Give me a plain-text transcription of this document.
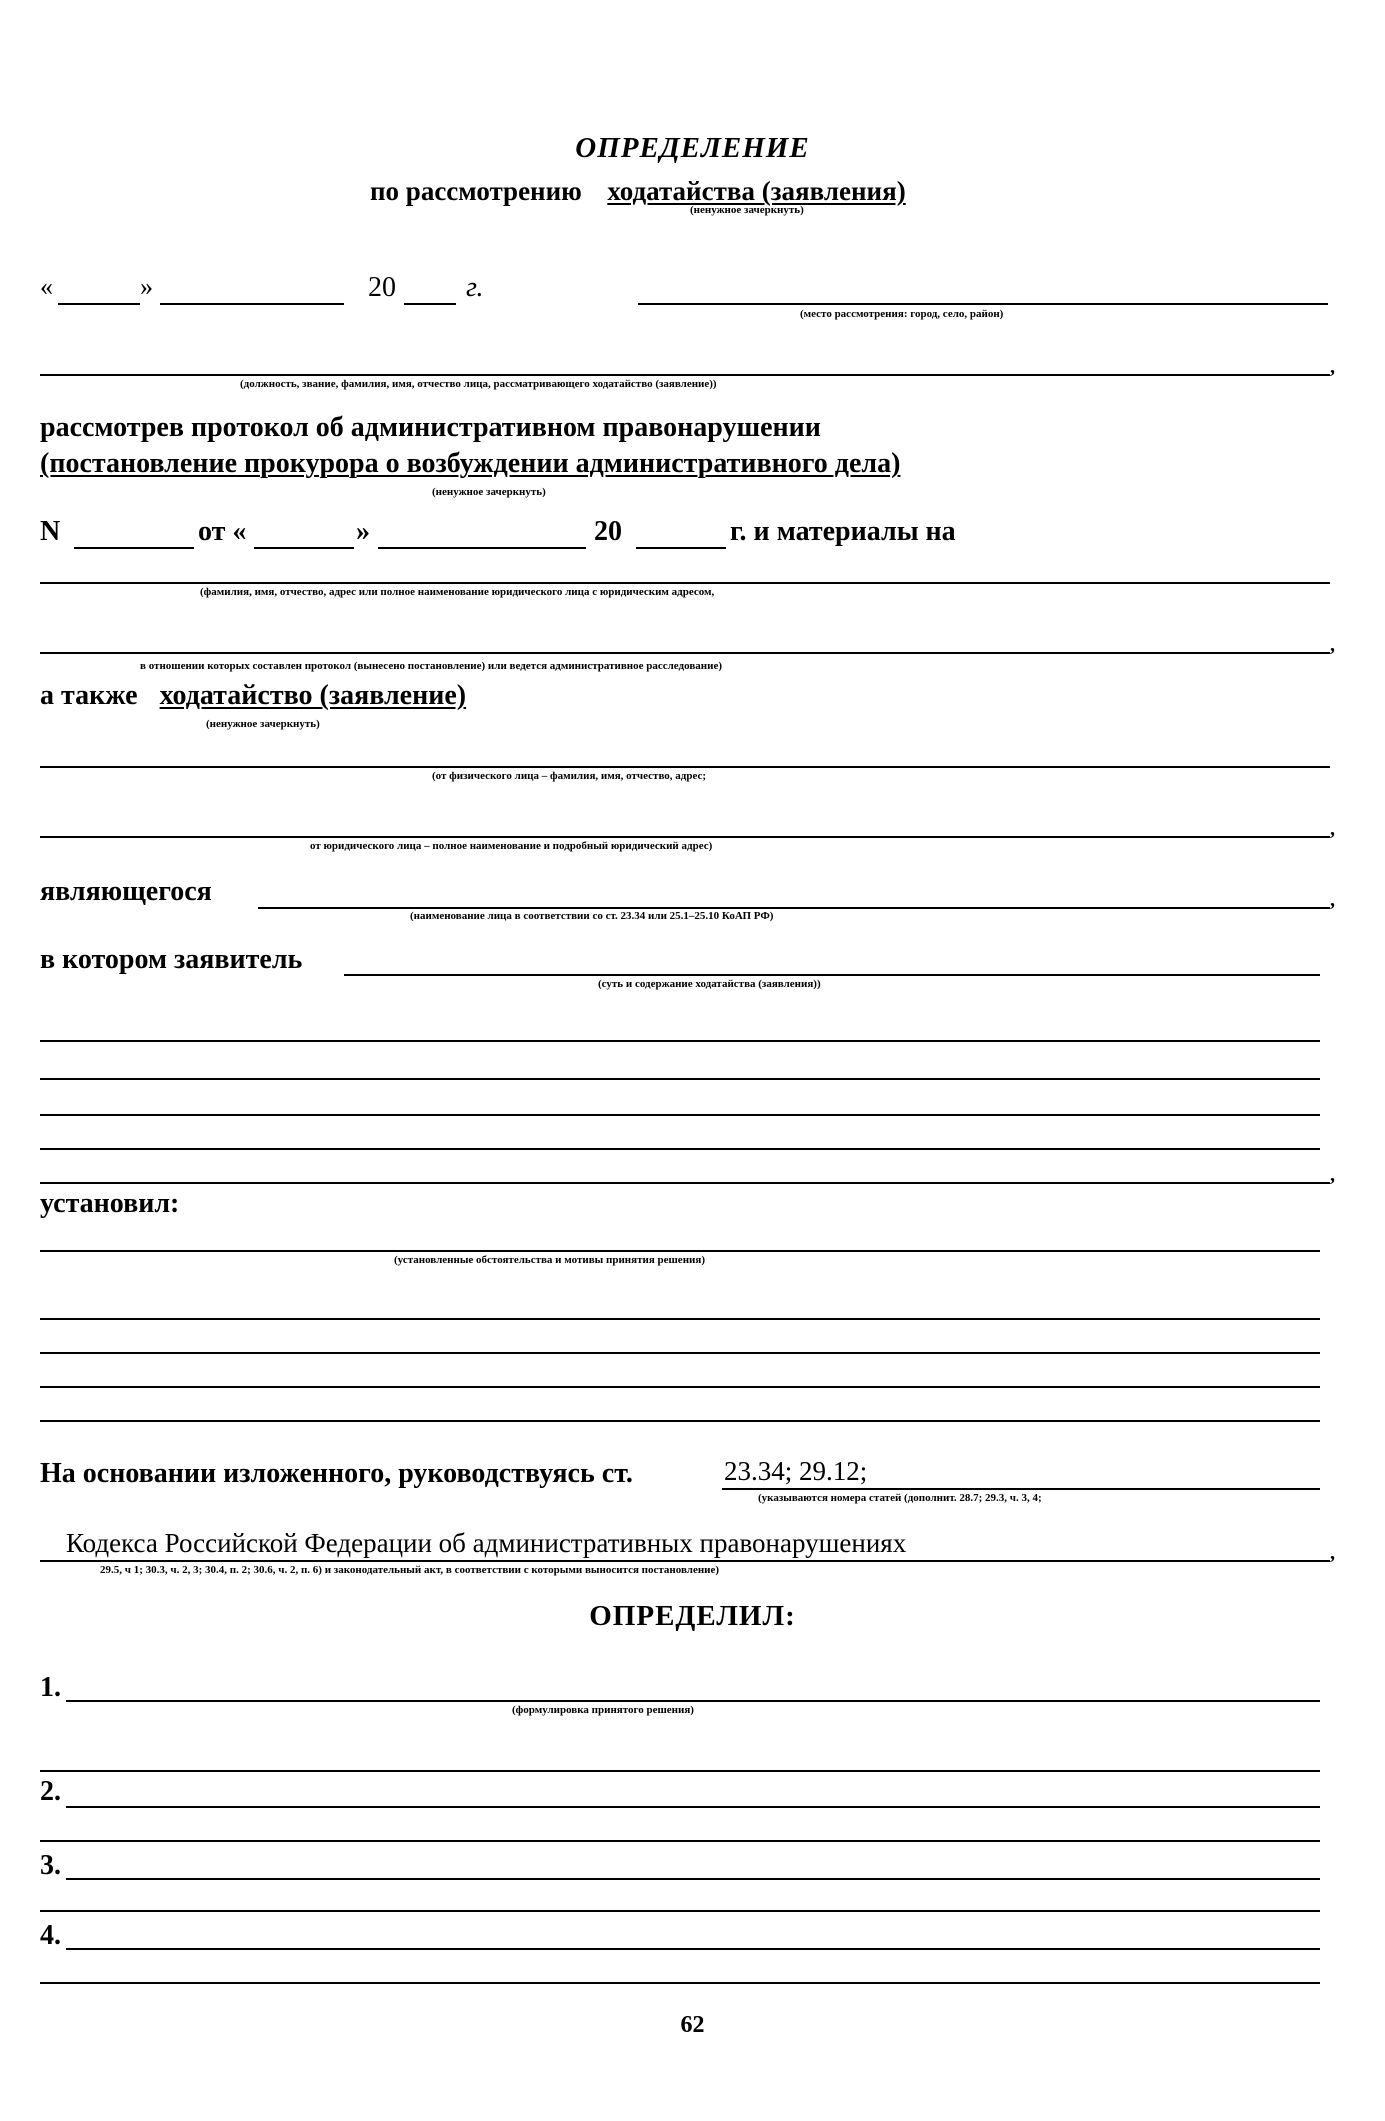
ОПРЕДЕЛЕНИЕ
по рассмотрению ходатайства (заявления)
(ненужное зачеркнуть)
«	»	20	г.
(место рассмотрения: город, село, район)
,
(должность, звание, фамилия, имя, отчество лица, рассматривающего ходатайство (заявление))
рассмотрев протокол об административном правонарушении
(постановление прокурора о возбуждении административного дела)
(ненужное зачеркнуть)
N	от «	»	20	г. и материалы на
(фамилия, имя, отчество, адрес или полное наименование юридического лица с юридическим адресом,
,
в отношении которых составлен протокол (вынесено постановление) или ведется административное расследование)
а также ходатайство (заявление)
(ненужное зачеркнуть)
(от физического лица – фамилия, имя, отчество, адрес;
,
от юридического лица – полное наименование и подробный юридический адрес)
являющегося	,
(наименование лица в соответствии со ст. 23.34 или 25.1–25.10 КоАП РФ)
в котором заявитель
(суть и содержание ходатайства (заявления))
,
установил:
(установленные обстоятельства и мотивы принятия решения)
На основании изложенного, руководствуясь ст.	23.34; 29.12;
(указываются номера статей (дополнит. 28.7; 29.3, ч. 3, 4;
Кодекса Российской Федерации об административных правонарушениях	,
29.5, ч 1; 30.3, ч. 2, 3; 30.4, п. 2; 30.6, ч. 2, п. 6) и законодательный акт, в соответствии с которыми выносится постановление)
ОПРЕДЕЛИЛ:
1.
(формулировка принятого решения)
2.
3.
4.
62
